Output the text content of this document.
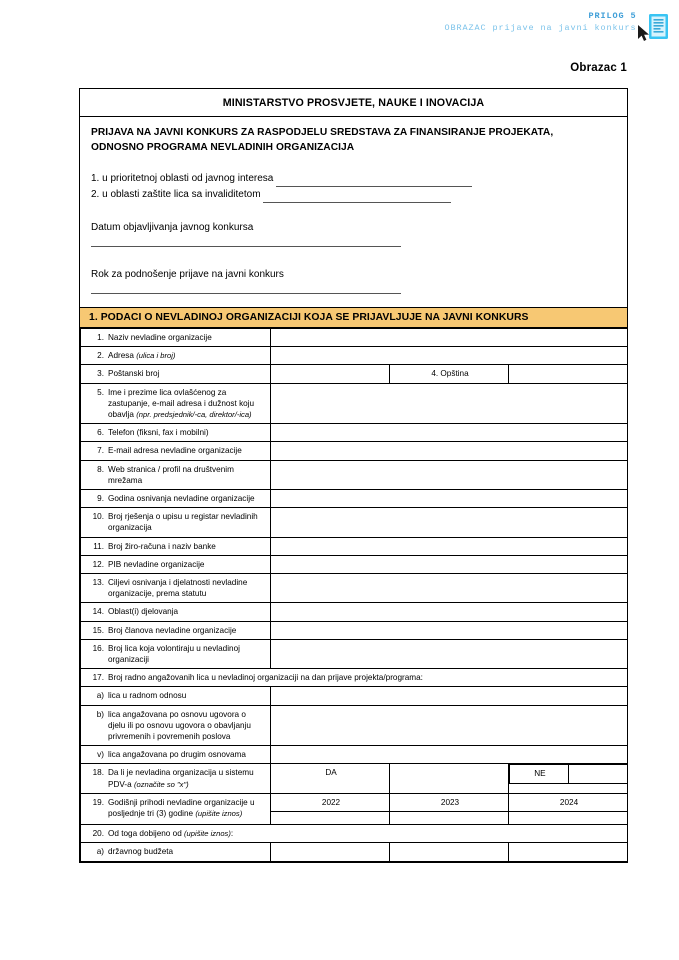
PRILOG 5
OBRAZAC prijave na javni konkurs

Obrazac 1
MINISTARSTVO PROSVJETE, NAUKE I INOVACIJA
PRIJAVA NA JAVNI KONKURS ZA RASPODJELU SREDSTAVA ZA FINANSIRANJE PROJEKATA,
ODNOSNO PROGRAMA NEVLADINIH ORGANIZACIJA
1. u prioritetnoj oblasti od javnog interesa
2. u oblasti zaštite lica sa invaliditetom
Datum objavljivanja javnog konkursa
Rok za podnošenje prijave na javni konkurs
1. PODACI O NEVLADINOJ ORGANIZACIJI KOJA SE PRIJAVLJUJE NA JAVNI KONKURS
1. Naziv nevladine organizacije	
2. Adresa (ulica i broj)	
3. Poštanski broj		4. Opština	
5. Ime i prezime lica ovlašćenog za zastupanje, e-mail adresa i dužnost koju obavlja (npr. predsjednik/-ca, direktor/-ica)	
6. Telefon (fiksni, fax i mobilni)	
7. E-mail adresa nevladine organizacije	
8. Web stranica / profil na društvenim mrežama	
9. Godina osnivanja nevladine organizacije	
10. Broj rješenja o upisu u registar nevladinih organizacija	
11. Broj žiro-računa i naziv banke	
12. PIB nevladine organizacije	
13. Ciljevi osnivanja i djelatnosti nevladine organizacije, prema statutu	
14. Oblast(i) djelovanja	
15. Broj članova nevladine organizacije	
16. Broj lica koja volontiraju u nevladinoj organizaciji	
17. Broj radno angažovanih lica u nevladinoj organizaciji na dan prijave projekta/programa:
a) lica u radnom odnosu	
b) lica angažovana po osnovu ugovora o djelu ili po osnovu ugovora o obavljanju privremenih i povremenih poslova	
v) lica angažovana po drugim osnovama	
18. Da li je nevladina organizacija u sistemu PDV-a (označite so "x")	DA			NE	

19. Godišnji prihodi nevladine organizacije u posljednje tri (3) godine (upišite iznos)	2022	2023	2024

20. Od toga dobijeno od (upišite iznos):
a) državnog budžeta			
